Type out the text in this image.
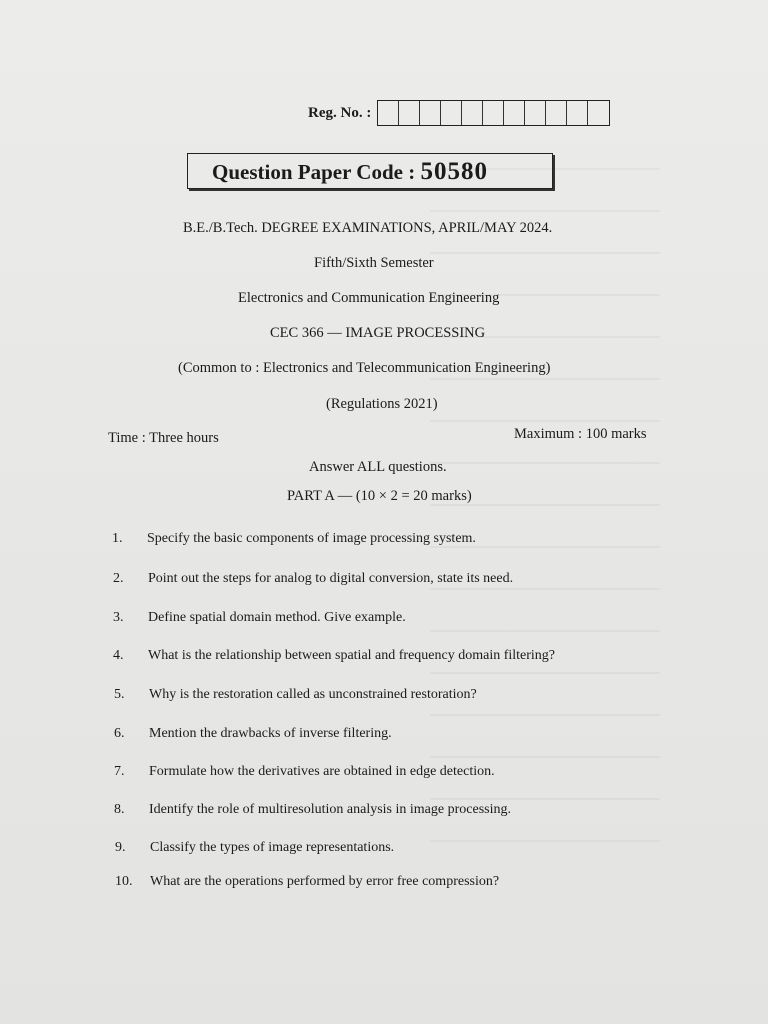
Reg. No. :
Question Paper Code : 50580
B.E./B.Tech. DEGREE EXAMINATIONS, APRIL/MAY 2024.
Fifth/Sixth Semester
Electronics and Communication Engineering
CEC 366 — IMAGE PROCESSING
(Common to : Electronics and Telecommunication Engineering)
(Regulations 2021)
Time : Three hours	Maximum : 100 marks
Answer ALL questions.
PART A — (10 × 2 = 20 marks)
1.	Specify the basic components of image processing system.
2.	Point out the steps for analog to digital conversion, state its need.
3.	Define spatial domain method. Give example.
4.	What is the relationship between spatial and frequency domain filtering?
5.	Why is the restoration called as unconstrained restoration?
6.	Mention the drawbacks of inverse filtering.
7.	Formulate how the derivatives are obtained in edge detection.
8.	Identify the role of multiresolution analysis in image processing.
9.	Classify the types of image representations.
10.	What are the operations performed by error free compression?
